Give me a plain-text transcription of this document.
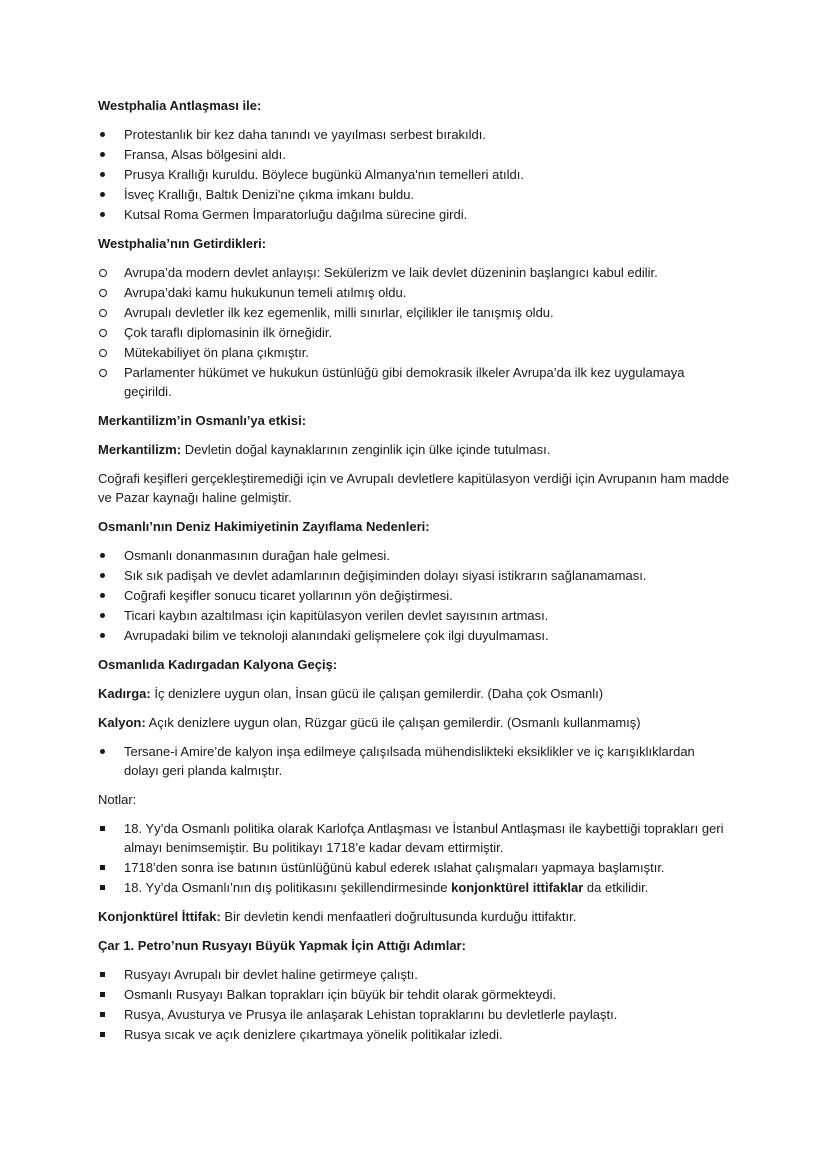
Westphalia Antlaşması ile:

Protestanlık bir kez daha tanındı ve yayılması serbest bırakıldı.
Fransa, Alsas bölgesini aldı.
Prusya Krallığı kuruldu. Böylece bugünkü Almanya'nın temelleri atıldı.
İsveç Krallığı, Baltık Denizi'ne çıkma imkanı buldu.
Kutsal Roma Germen İmparatorluğu dağılma sürecine girdi.

Westphalia’nın Getirdikleri:

Avrupa’da modern devlet anlayışı: Sekülerizm ve laik devlet düzeninin başlangıcı kabul edilir.
Avrupa’daki kamu hukukunun temeli atılmış oldu.
Avrupalı devletler ilk kez egemenlik, milli sınırlar, elçilikler ile tanışmış oldu.
Çok taraflı diplomasinin ilk örneğidir.
Mütekabiliyet ön plana çıkmıştır.
Parlamenter hükümet ve hukukun üstünlüğü gibi demokrasik ilkeler Avrupa’da ilk kez uygulamaya geçirildi.

Merkantilizm’in Osmanlı’ya etkisi:

Merkantilizm: Devletin doğal kaynaklarının zenginlik için ülke içinde tutulması.

Coğrafi keşifleri gerçekleştiremediği için ve Avrupalı devletlere kapitülasyon verdiği için Avrupanın ham madde ve Pazar kaynağı haline gelmiştir.

Osmanlı’nın Deniz Hakimiyetinin Zayıflama Nedenleri:

Osmanlı donanmasının durağan hale gelmesi.
Sık sık padişah ve devlet adamlarının değişiminden dolayı siyasi istikrarın sağlanamaması.
Coğrafi keşifler sonucu ticaret yollarının yön değiştirmesi.
Ticari kaybın azaltılması için kapitülasyon verilen devlet sayısının artması.
Avrupadaki bilim ve teknoloji alanındaki gelişmelere çok ilgi duyulmaması.

Osmanlıda Kadırgadan Kalyona Geçiş:

Kadırga: İç denizlere uygun olan, İnsan gücü ile çalışan gemilerdir. (Daha çok Osmanlı)

Kalyon: Açık denizlere uygun olan, Rüzgar gücü ile çalışan gemilerdir. (Osmanlı kullanmamış)

Tersane-i Amire’de kalyon inşa edilmeye çalışılsada mühendislikteki eksiklikler ve iç karışıklıklardan dolayı geri planda kalmıştır.

Notlar:

18. Yy’da Osmanlı politika olarak Karlofça Antlaşması ve İstanbul Antlaşması ile kaybettiği toprakları geri almayı benimsemiştir. Bu politikayı 1718’e kadar devam ettirmiştir.
1718’den sonra ise batının üstünlüğünü kabul ederek ıslahat çalışmaları yapmaya başlamıştır.
18. Yy’da Osmanlı’nın dış politikasını şekillendirmesinde konjonktürel ittifaklar da etkilidir.

Konjonktürel İttifak: Bir devletin kendi menfaatleri doğrultusunda kurduğu ittifaktır.

Çar 1. Petro’nun Rusyayı Büyük Yapmak İçin Attığı Adımlar:

Rusyayı Avrupalı bir devlet haline getirmeye çalıştı.
Osmanlı Rusyayı Balkan toprakları için büyük bir tehdit olarak görmekteydi.
Rusya, Avusturya ve Prusya ile anlaşarak Lehistan topraklarını bu devletlerle paylaştı.
Rusya sıcak ve açık denizlere çıkartmaya yönelik politikalar izledi.
